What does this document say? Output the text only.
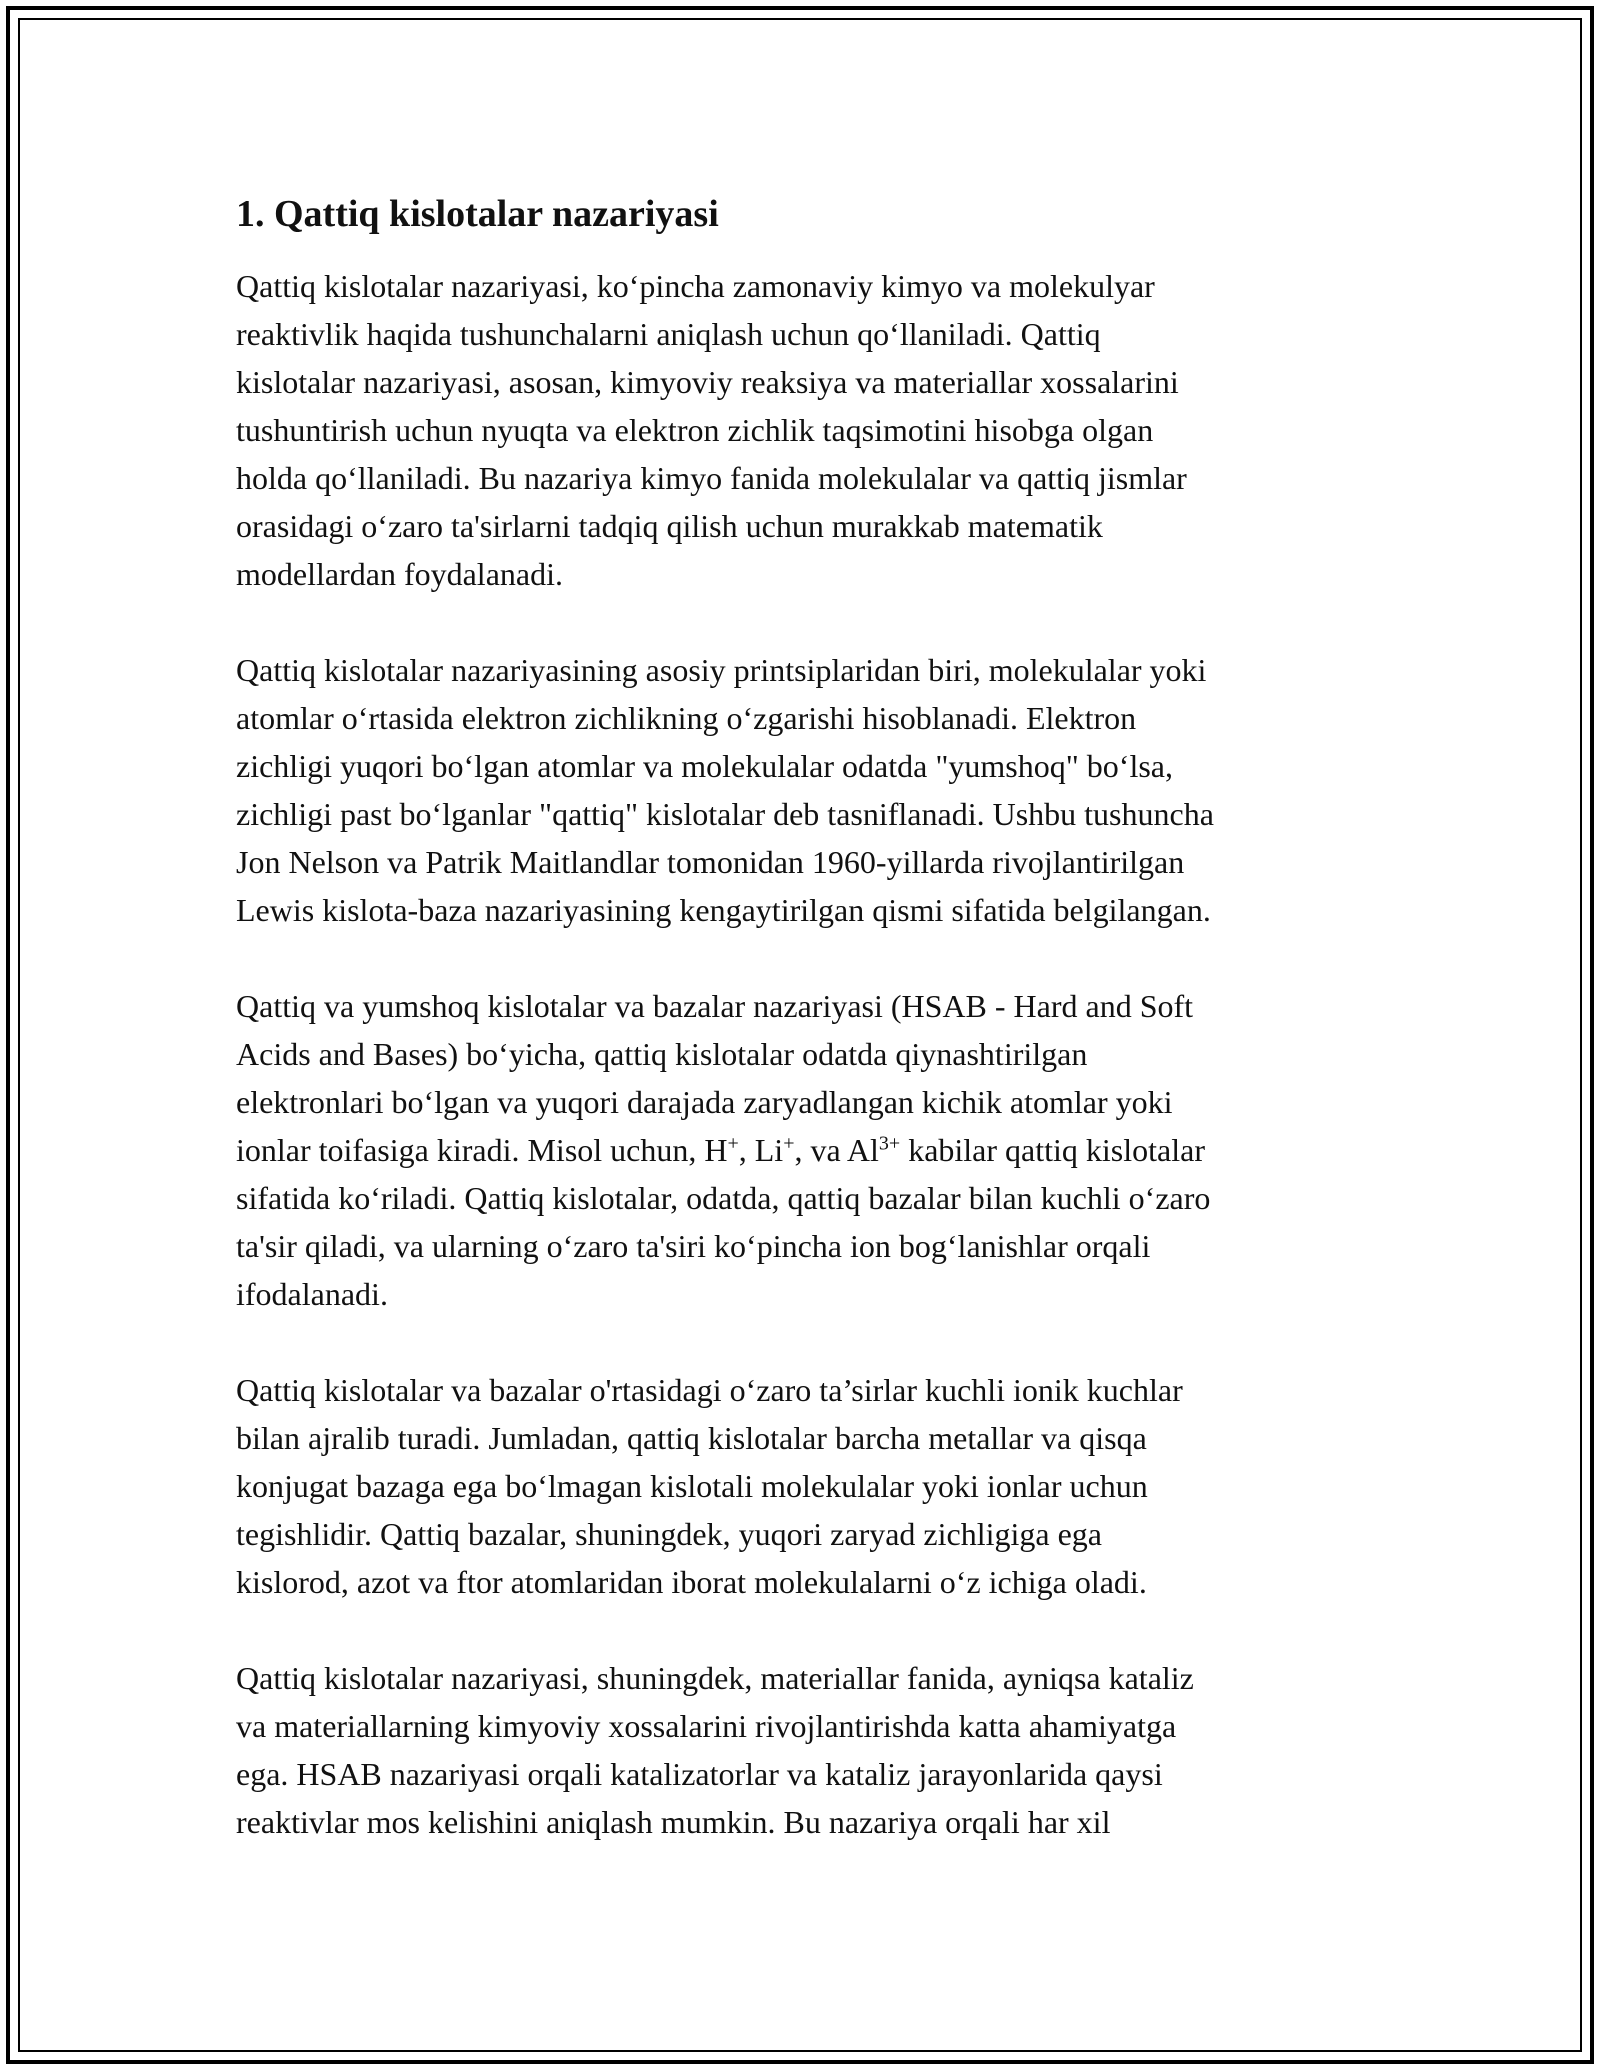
1. Qattiq kislotalar nazariyasi

Qattiq kislotalar nazariyasi, koʻpincha zamonaviy kimyo va molekulyar
reaktivlik haqida tushunchalarni aniqlash uchun qoʻllaniladi. Qattiq
kislotalar nazariyasi, asosan, kimyoviy reaksiya va materiallar xossalarini
tushuntirish uchun nyuqta va elektron zichlik taqsimotini hisobga olgan
holda qoʻllaniladi. Bu nazariya kimyo fanida molekulalar va qattiq jismlar
orasidagi oʻzaro ta'sirlarni tadqiq qilish uchun murakkab matematik
modellardan foydalanadi.

Qattiq kislotalar nazariyasining asosiy printsiplaridan biri, molekulalar yoki
atomlar oʻrtasida elektron zichlikning oʻzgarishi hisoblanadi. Elektron
zichligi yuqori boʻlgan atomlar va molekulalar odatda "yumshoq" boʻlsa,
zichligi past boʻlganlar "qattiq" kislotalar deb tasniflanadi. Ushbu tushuncha
Jon Nelson va Patrik Maitlandlar tomonidan 1960-yillarda rivojlantirilgan
Lewis kislota-baza nazariyasining kengaytirilgan qismi sifatida belgilangan.

Qattiq va yumshoq kislotalar va bazalar nazariyasi (HSAB - Hard and Soft
Acids and Bases) boʻyicha, qattiq kislotalar odatda qiynashtirilgan
elektronlari boʻlgan va yuqori darajada zaryadlangan kichik atomlar yoki
ionlar toifasiga kiradi. Misol uchun, H+, Li+, va $Al^{3+}$ kabilar qattiq kislotalar
sifatida koʻriladi. Qattiq kislotalar, odatda, qattiq bazalar bilan kuchli oʻzaro
ta'sir qiladi, va ularning oʻzaro ta'siri koʻpincha ion bogʻlanishlar orqali
ifodalanadi.

Qattiq kislotalar va bazalar o'rtasidagi oʻzaro ta’sirlar kuchli ionik kuchlar
bilan ajralib turadi. Jumladan, qattiq kislotalar barcha metallar va qisqa
konjugat bazaga ega boʻlmagan kislotali molekulalar yoki ionlar uchun
tegishlidir. Qattiq bazalar, shuningdek, yuqori zaryad zichligiga ega
kislorod, azot va ftor atomlaridan iborat molekulalarni oʻz ichiga oladi.

Qattiq kislotalar nazariyasi, shuningdek, materiallar fanida, ayniqsa kataliz
va materiallarning kimyoviy xossalarini rivojlantirishda katta ahamiyatga
ega. HSAB nazariyasi orqali katalizatorlar va kataliz jarayonlarida qaysi
reaktivlar mos kelishini aniqlash mumkin. Bu nazariya orqali har xil
